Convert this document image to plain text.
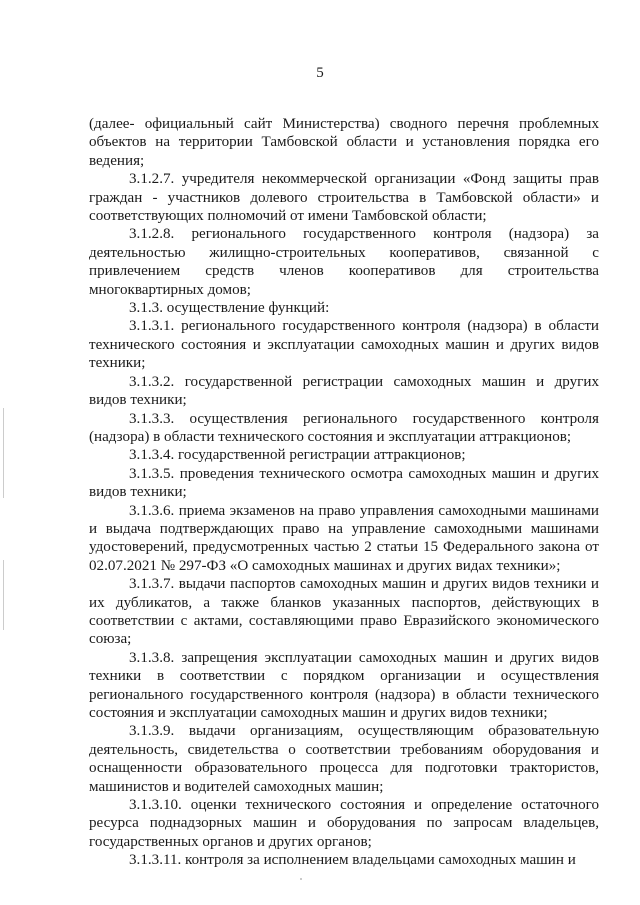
5

(далее- официальный сайт Министерства) сводного перечня проблемных объектов на территории Тамбовской области и установления порядка его ведения;

3.1.2.7. учредителя некоммерческой организации «Фонд защиты прав граждан - участников долевого строительства в Тамбовской области» и соответствующих полномочий от имени Тамбовской области;

3.1.2.8. регионального государственного контроля (надзора) за деятельностью жилищно-строительных кооперативов, связанной с привлечением средств членов кооперативов для строительства многоквартирных домов;

3.1.3. осуществление функций:

3.1.3.1. регионального государственного контроля (надзора) в области технического состояния и эксплуатации самоходных машин и других видов техники;

3.1.3.2. государственной регистрации самоходных машин и других видов техники;

3.1.3.3. осуществления регионального государственного контроля (надзора) в области технического состояния и эксплуатации аттракционов;

3.1.3.4. государственной регистрации аттракционов;

3.1.3.5. проведения технического осмотра самоходных машин и других видов техники;

3.1.3.6. приема экзаменов на право управления самоходными машинами и выдача подтверждающих право на управление самоходными машинами удостоверений, предусмотренных частью 2 статьи 15 Федерального закона от 02.07.2021 № 297-ФЗ «О самоходных машинах и других видах техники»;

3.1.3.7. выдачи паспортов самоходных машин и других видов техники и их дубликатов, а также бланков указанных паспортов, действующих в соответствии с актами, составляющими право Евразийского экономического союза;

3.1.3.8. запрещения эксплуатации самоходных машин и других видов техники в соответствии с порядком организации и осуществления регионального государственного контроля (надзора) в области технического состояния и эксплуатации самоходных машин и других видов техники;

3.1.3.9. выдачи организациям, осуществляющим образовательную деятельность, свидетельства о соответствии требованиям оборудования и оснащенности образовательного процесса для подготовки трактористов, машинистов и водителей самоходных машин;

3.1.3.10. оценки технического состояния и определение остаточного ресурса поднадзорных машин и оборудования по запросам владельцев, государственных органов и других органов;

3.1.3.11. контроля за исполнением владельцами самоходных машин и
